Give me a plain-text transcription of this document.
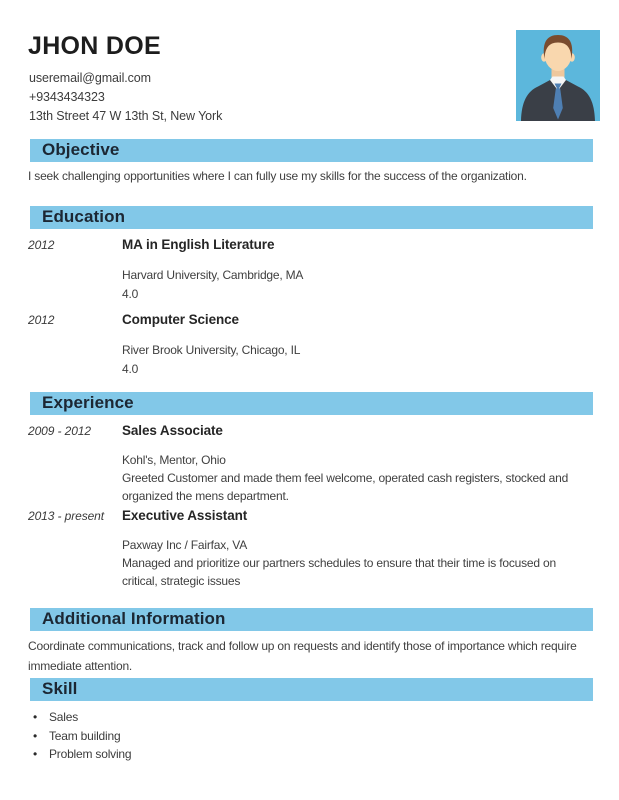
JHON DOE
useremail@gmail.com
+9343434323
13th Street 47 W 13th St, New York
Objective

I seek challenging opportunities where I can fully use my skills for the success of the organization.

Education
2012	MA in English Literature
Harvard University, Cambridge, MA
4.0
2012	Computer Science
River Brook University, Chicago, IL
4.0
Experience
2009 - 2012	Sales Associate
Kohl's, Mentor, Ohio
Greeted Customer and made them feel welcome, operated cash registers, stocked and organized the mens department.
2013 - present	Executive Assistant
Paxway Inc / Fairfax, VA
Managed and prioritize our partners schedules to ensure that their time is focused on critical, strategic issues
Additional Information

Coordinate communications, track and follow up on requests and identify those of importance which require immediate attention.

Skill
• Sales
• Team building
• Problem solving
